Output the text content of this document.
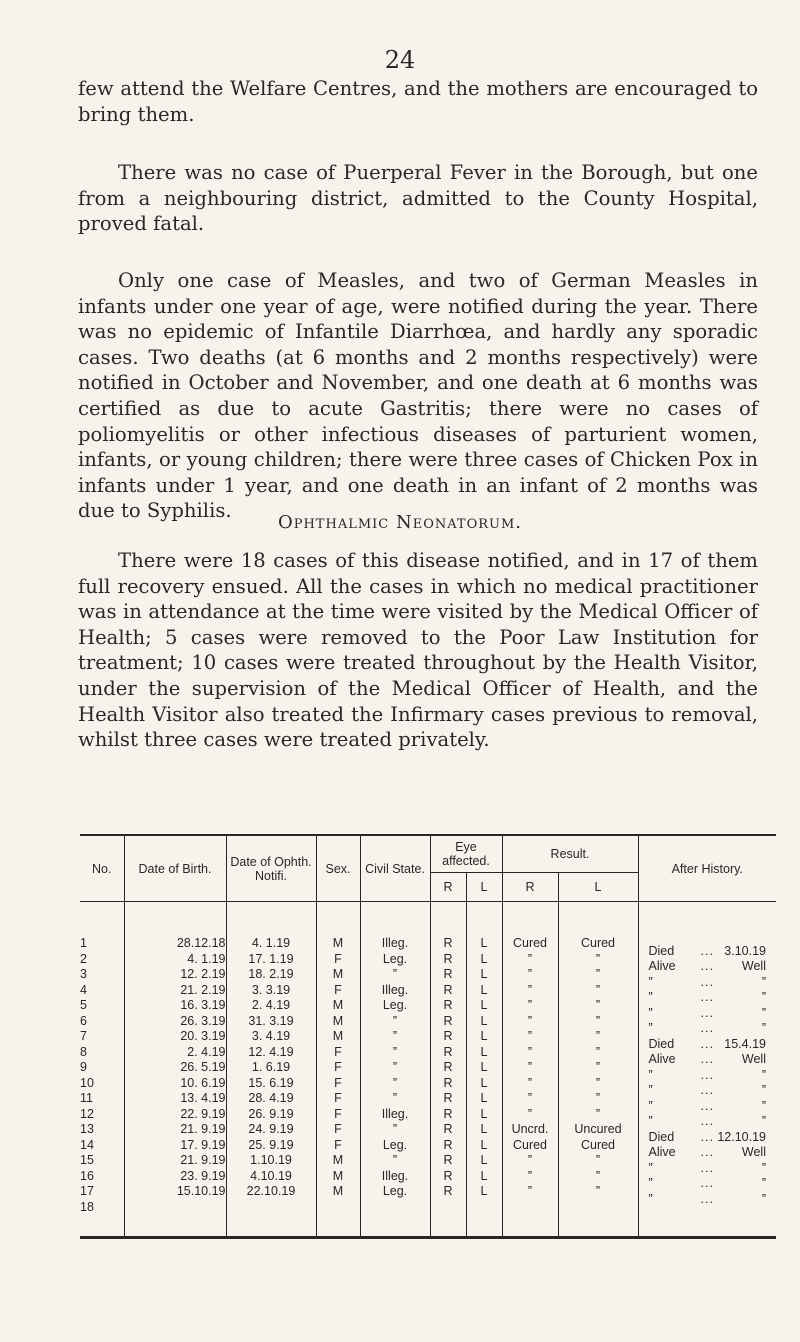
24

few attend the Welfare Centres, and the mothers are encouraged to bring them.

There was no case of Puerperal Fever in the Borough, but one from a neighbouring district, admitted to the County Hospital, proved fatal.

Only one case of Measles, and two of German Measles in infants under one year of age, were notified during the year. There was no epidemic of Infantile Diarrhœa, and hardly any sporadic cases. Two deaths (at 6 months and 2 months respectively) were notified in October and November, and one death at 6 months was certified as due to acute Gastritis; there were no cases of poliomyelitis or other infectious diseases of parturient women, infants, or young children; there were three cases of Chicken Pox in infants under 1 year, and one death in an infant of 2 months was due to Syphilis.

Ophthalmic Neonatorum.

There were 18 cases of this disease notified, and in 17 of them full recovery ensued. All the cases in which no medical practitioner was in attendance at the time were visited by the Medical Officer of Health; 5 cases were removed to the Poor Law Institution for treatment; 10 cases were treated throughout by the Health Visitor, under the supervision of the Medical Officer of Health, and the Health Visitor also treated the Infirmary cases previous to removal, whilst three cases were treated privately.

No.	Date of Birth.	Date of Ophth. Notifi.	Sex.	Civil State.	Eye affected.		Result.		After History.
					R	L	R	L	

1	28.12.18	4. 1.19	M	Illeg.	R	L	Cured	Cured	Died ... 3.10.19

2	4. 1.19	17. 1.19	F	Leg.	R	L	”	”	Alive ... Well

3	12. 2.19	18. 2.19	M	”	R	L	”	”	” ... ”

4	21. 2.19	3. 3.19	F	Illeg.	R	L	”	”	” ... ”

5	16. 3.19	2. 4.19	M	Leg.	R	L	”	”	” ... ”

6	26. 3.19	31. 3.19	M	”	R	L	”	”	” ... ”

7	20. 3.19	3. 4.19	M	”	R	L	”	”	Died ... 15.4.19

8	2. 4.19	12. 4.19	F	”	R	L	”	”	Alive ... Well

9	26. 5.19	1. 6.19	F	”	R	L	”	”	” ... ”

10	10. 6.19	15. 6.19	F	”	R	L	”	”	” ... ”

11	13. 4.19	28. 4.19	F	”	R	L	”	”	” ... ”

12	22. 9.19	26. 9.19	F	Illeg.	R	L	”	”	” ... ”

13	21. 9.19	24. 9.19	F	”	R	L	Uncrd.	Uncured	Died ... 12.10.19

14	17. 9.19	25. 9.19	F	Leg.	R	L	Cured	Cured	Alive ... Well

15	21. 9.19	1.10.19	M	”	R	L	”	”	” ... ”

16	23. 9.19	4.10.19	M	Illeg.	R	L	”	”	” ... ”

17	15.10.19	22.10.19	M	Leg.	R	L	”	”	” ... ”

18									
